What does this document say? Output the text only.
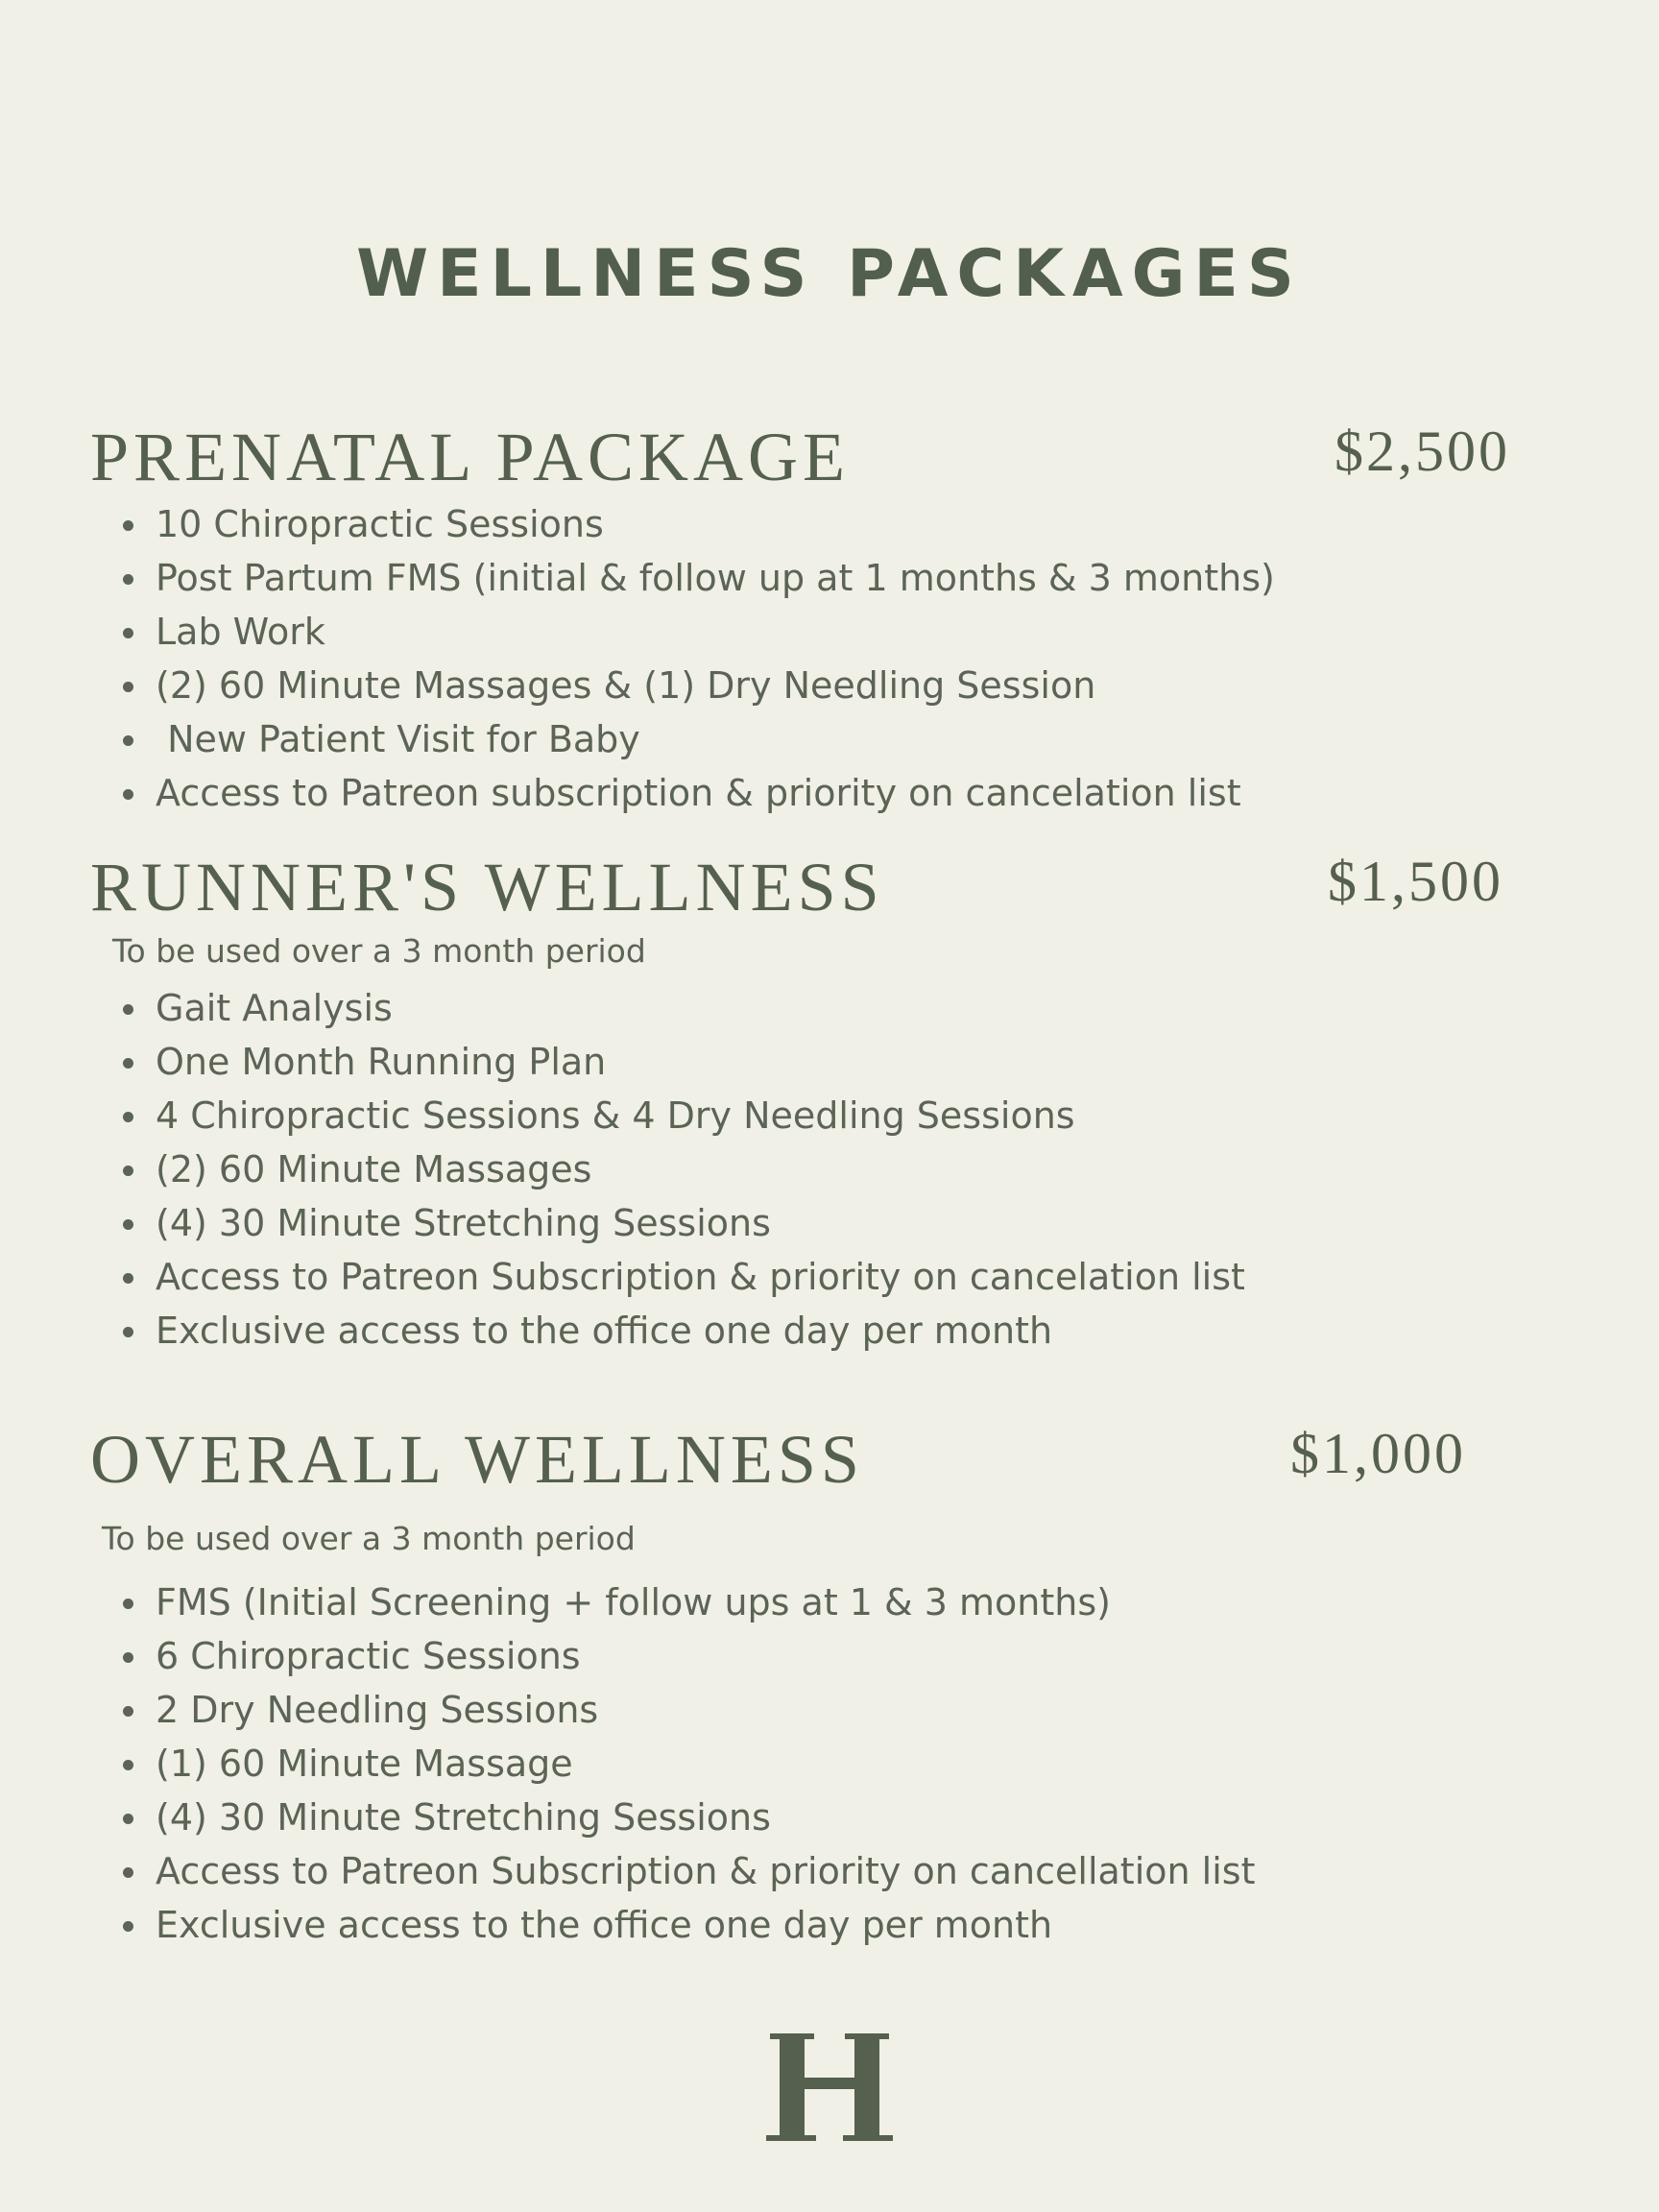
WELLNESS PACKAGES
PRENATAL PACKAGE	$2,500
10 Chiropractic Sessions
Post Partum FMS (initial & follow up at 1 months & 3 months)
Lab Work
(2) 60 Minute Massages & (1) Dry Needling Session
New Patient Visit for Baby
Access to Patreon subscription & priority on cancelation list
RUNNER'S WELLNESS	$1,500
To be used over a 3 month period
Gait Analysis
One Month Running Plan
4 Chiropractic Sessions & 4 Dry Needling Sessions
(2) 60 Minute Massages
(4) 30 Minute Stretching Sessions
Access to Patreon Subscription & priority on cancelation list
Exclusive access to the office one day per month
OVERALL WELLNESS	$1,000
To be used over a 3 month period
FMS (Initial Screening + follow ups at 1 & 3 months)
6 Chiropractic Sessions
2 Dry Needling Sessions
(1) 60 Minute Massage
(4) 30 Minute Stretching Sessions
Access to Patreon Subscription & priority on cancellation list
Exclusive access to the office one day per month
